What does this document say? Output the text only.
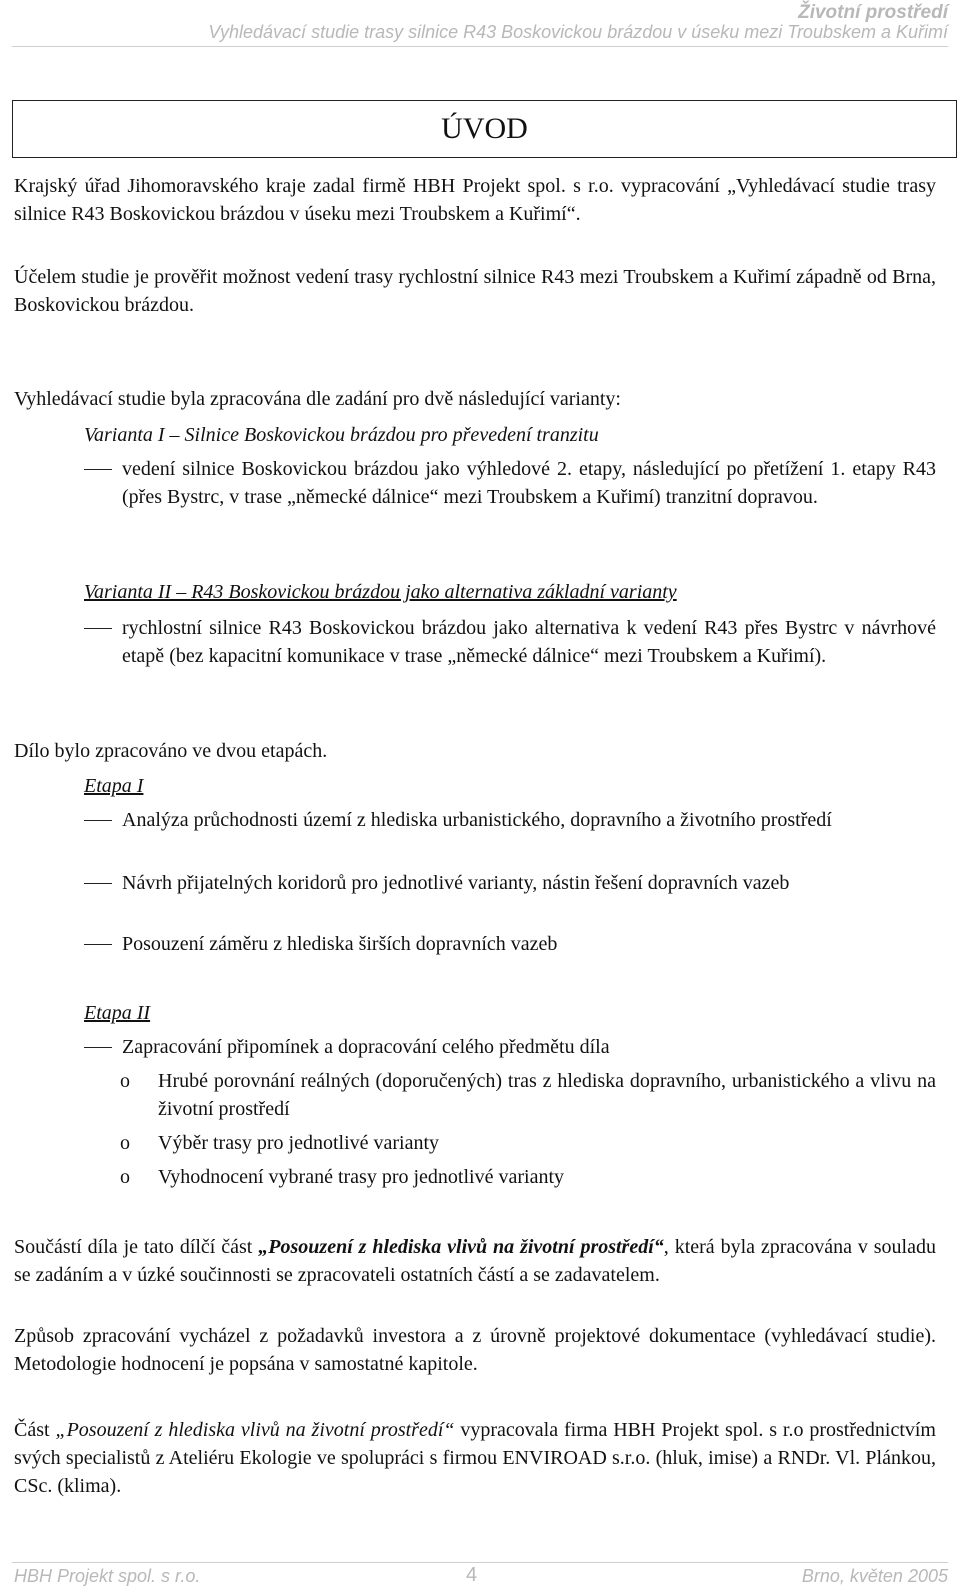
Životní prostředí
Vyhledávací studie trasy silnice R43 Boskovickou brázdou v úseku mezi Troubskem a Kuřimí
ÚVOD

Krajský úřad Jihomoravského kraje zadal firmě HBH Projekt spol. s r.o. vypracování „Vyhledávací studie trasy silnice R43 Boskovickou brázdou v úseku mezi Troubskem a Kuřimí“.

Účelem studie je prověřit možnost vedení trasy rychlostní silnice R43 mezi Troubskem a Kuřimí západně od Brna, Boskovickou brázdou.

Vyhledávací studie byla zpracována dle zadání pro dvě následující varianty:

Varianta I – Silnice Boskovickou brázdou pro převedení tranzitu

vedení silnice Boskovickou brázdou jako výhledové 2. etapy, následující po přetížení 1. etapy R43 (přes Bystrc, v trase „německé dálnice“ mezi Troubskem a Kuřimí) tranzitní dopravou.

Varianta II – R43 Boskovickou brázdou jako alternativa základní varianty

rychlostní silnice R43 Boskovickou brázdou jako alternativa k vedení R43 přes Bystrc v návrhové etapě (bez kapacitní komunikace v trase „německé dálnice“ mezi Troubskem a Kuřimí).

Dílo bylo zpracováno ve dvou etapách.

Etapa I

Analýza průchodnosti území z hlediska urbanistického, dopravního a životního prostředí

Návrh přijatelných koridorů pro jednotlivé varianty, nástin řešení dopravních vazeb

Posouzení záměru z hlediska širších dopravních vazeb

Etapa II

Zapracování připomínek a dopracování celého předmětu díla

o Hrubé porovnání reálných (doporučených) tras z hlediska dopravního, urbanistického a vlivu na životní prostředí

o Výběr trasy pro jednotlivé varianty

o Vyhodnocení vybrané trasy pro jednotlivé varianty

Součástí díla je tato dílčí část „Posouzení z hlediska vlivů na životní prostředí“, která byla zpracována v souladu se zadáním a v úzké součinnosti se zpracovateli ostatních částí a se zadavatelem.

Způsob zpracování vycházel z požadavků investora a z úrovně projektové dokumentace (vyhledávací studie). Metodologie hodnocení je popsána v samostatné kapitole.

Část „Posouzení z hlediska vlivů na životní prostředí“ vypracovala firma HBH Projekt spol. s r.o prostřednictvím svých specialistů z Ateliéru Ekologie ve spolupráci s firmou ENVIROAD s.r.o. (hluk, imise) a RNDr. Vl. Plánkou, CSc. (klima).

HBH Projekt spol. s r.o.	4	Brno, květen 2005
